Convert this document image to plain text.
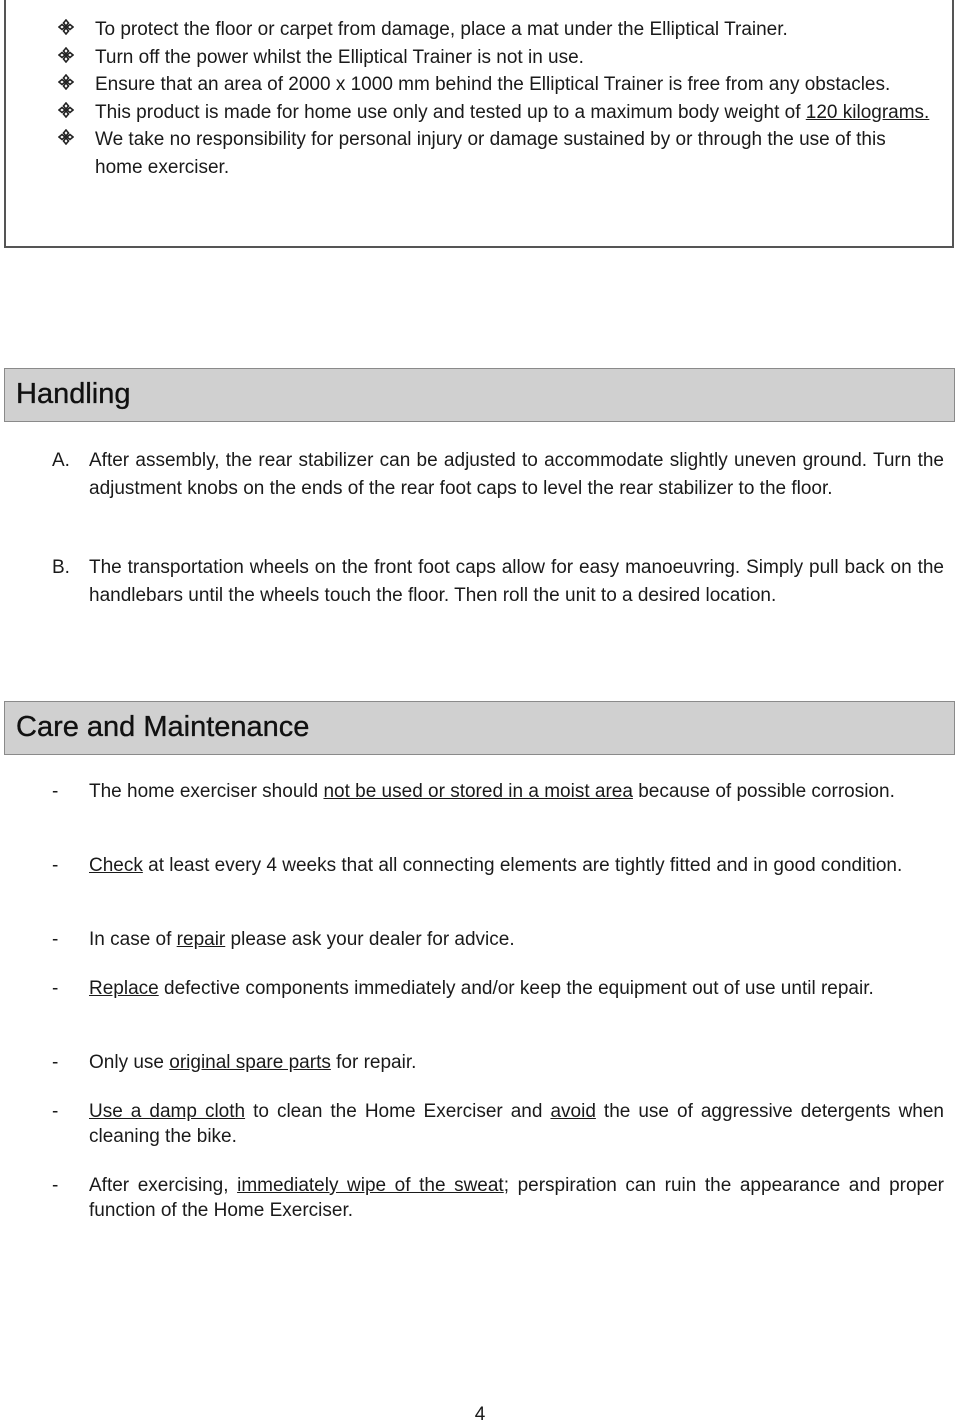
To protect the floor or carpet from damage, place a mat under the Elliptical Trainer.
Turn off the power whilst the Elliptical Trainer is not in use.
Ensure that an area of 2000 x 1000 mm behind the Elliptical Trainer is free from any obstacles.
This product is made for home use only and tested up to a maximum body weight of 120 kilograms.
We take no responsibility for personal injury or damage sustained by or through the use of this home exerciser.
Handling
A. After assembly, the rear stabilizer can be adjusted to accommodate slightly uneven ground. Turn the adjustment knobs on the ends of the rear foot caps to level the rear stabilizer to the floor.
B. The transportation wheels on the front foot caps allow for easy manoeuvring. Simply pull back on the handlebars until the wheels touch the floor. Then roll the unit to a desired location.
Care and Maintenance
- The home exerciser should not be used or stored in a moist area because of possible corrosion.
- Check at least every 4 weeks that all connecting elements are tightly fitted and in good condition.
- In case of repair please ask your dealer for advice.
- Replace defective components immediately and/or keep the equipment out of use until repair.
- Only use original spare parts for repair.
- Use a damp cloth to clean the Home Exerciser and avoid the use of aggressive detergents when cleaning the bike.
- After exercising, immediately wipe of the sweat; perspiration can ruin the appearance and proper function of the Home Exerciser.
4
